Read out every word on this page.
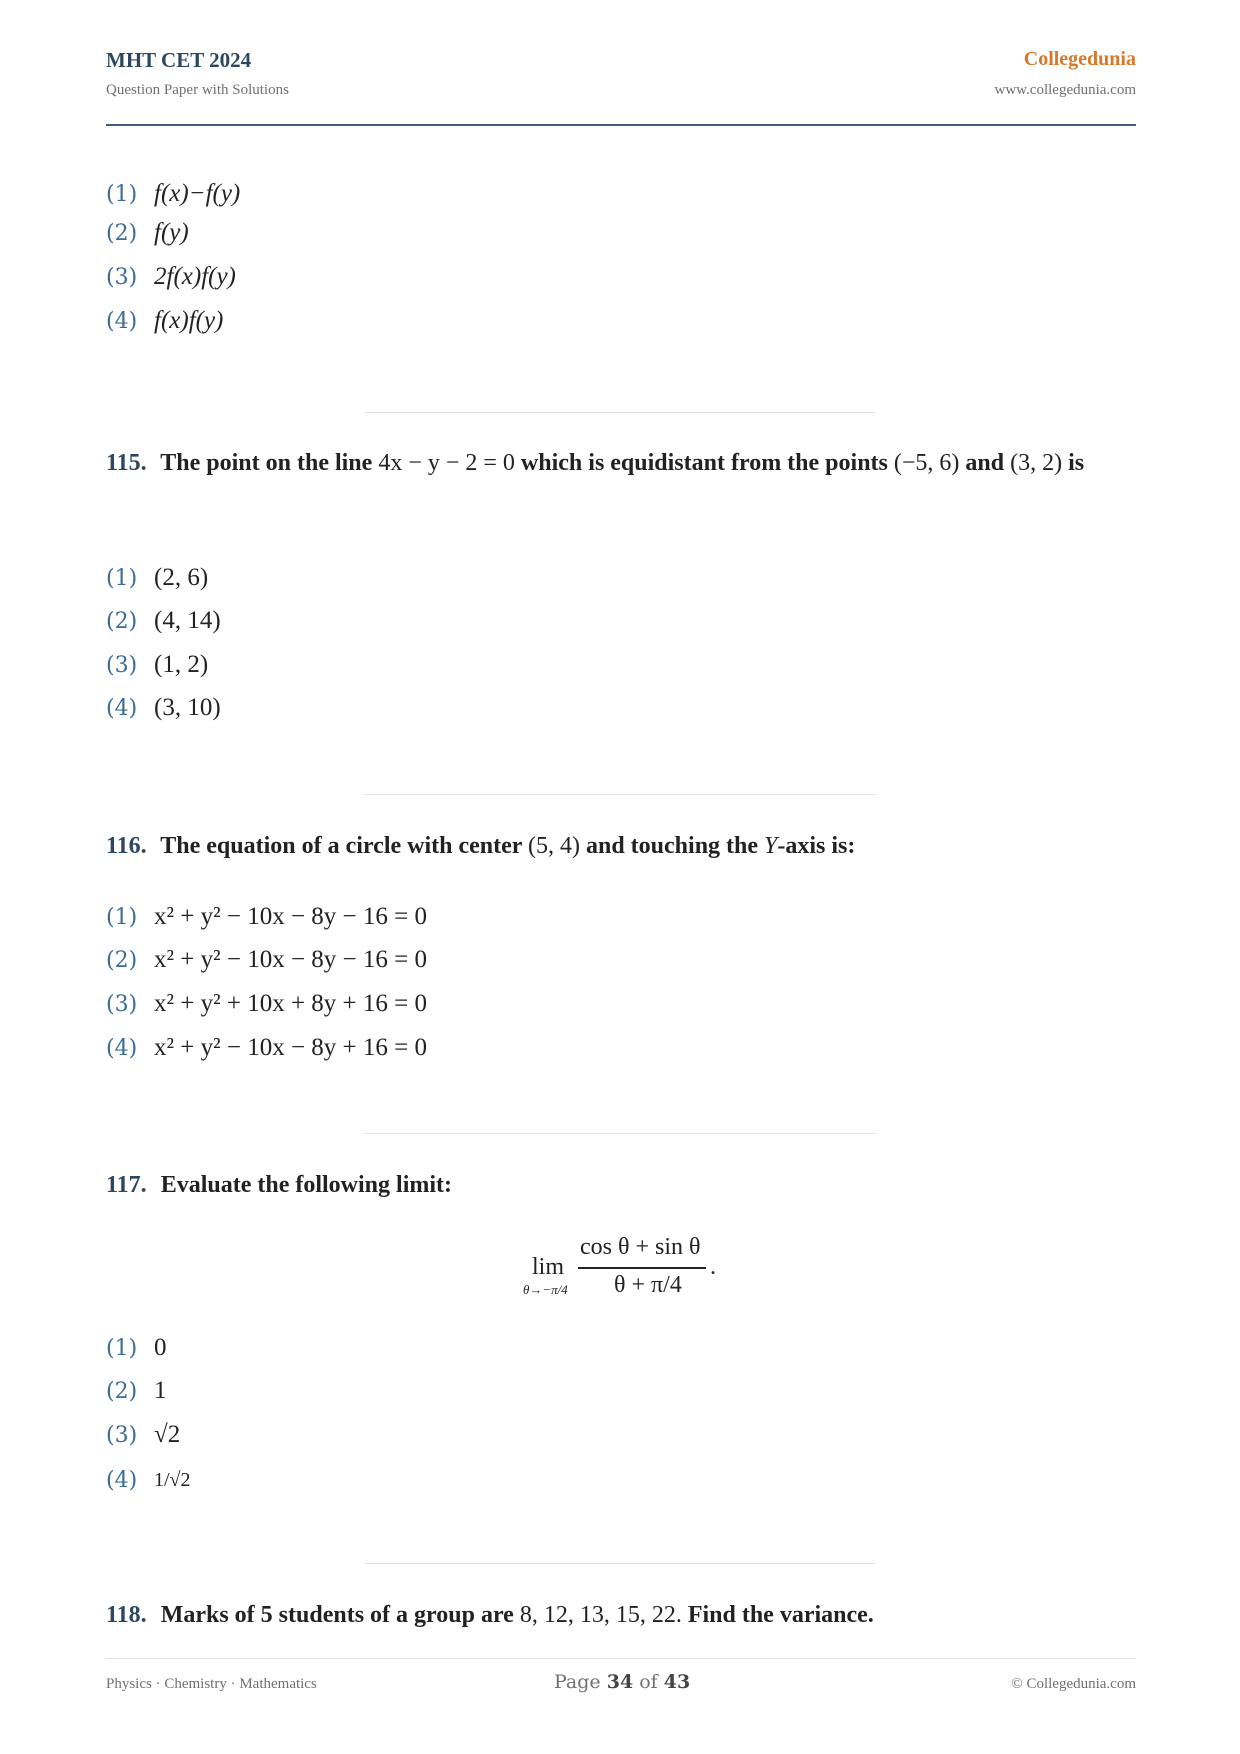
MHT CET 2024
Question Paper with Solutions
Collegedunia
www.collegedunia.com
(1) f(x)−f(y)
(2) f(y)
(3) 2f(x)f(y)
(4) f(x)f(y)
115. The point on the line 4x − y − 2 = 0 which is equidistant from the points (−5, 6) and (3, 2) is
(1) (2, 6)
(2) (4, 14)
(3) (1, 2)
(4) (3, 10)
116. The equation of a circle with center (5, 4) and touching the Y-axis is:
(1) x² + y² − 10x − 8y − 16 = 0
(2) x² + y² − 10x − 8y − 16 = 0
(3) x² + y² + 10x + 8y + 16 = 0
(4) x² + y² − 10x − 8y + 16 = 0
117. Evaluate the following limit:
lim
θ→−π/4
cos θ + sin θ
θ + π/4
.
(1) 0
(2) 1
(3) √2
(4) 1/√2
118. Marks of 5 students of a group are 8, 12, 13, 15, 22. Find the variance.
Physics · Chemistry · Mathematics	Page 34 of 43	© Collegedunia.com
